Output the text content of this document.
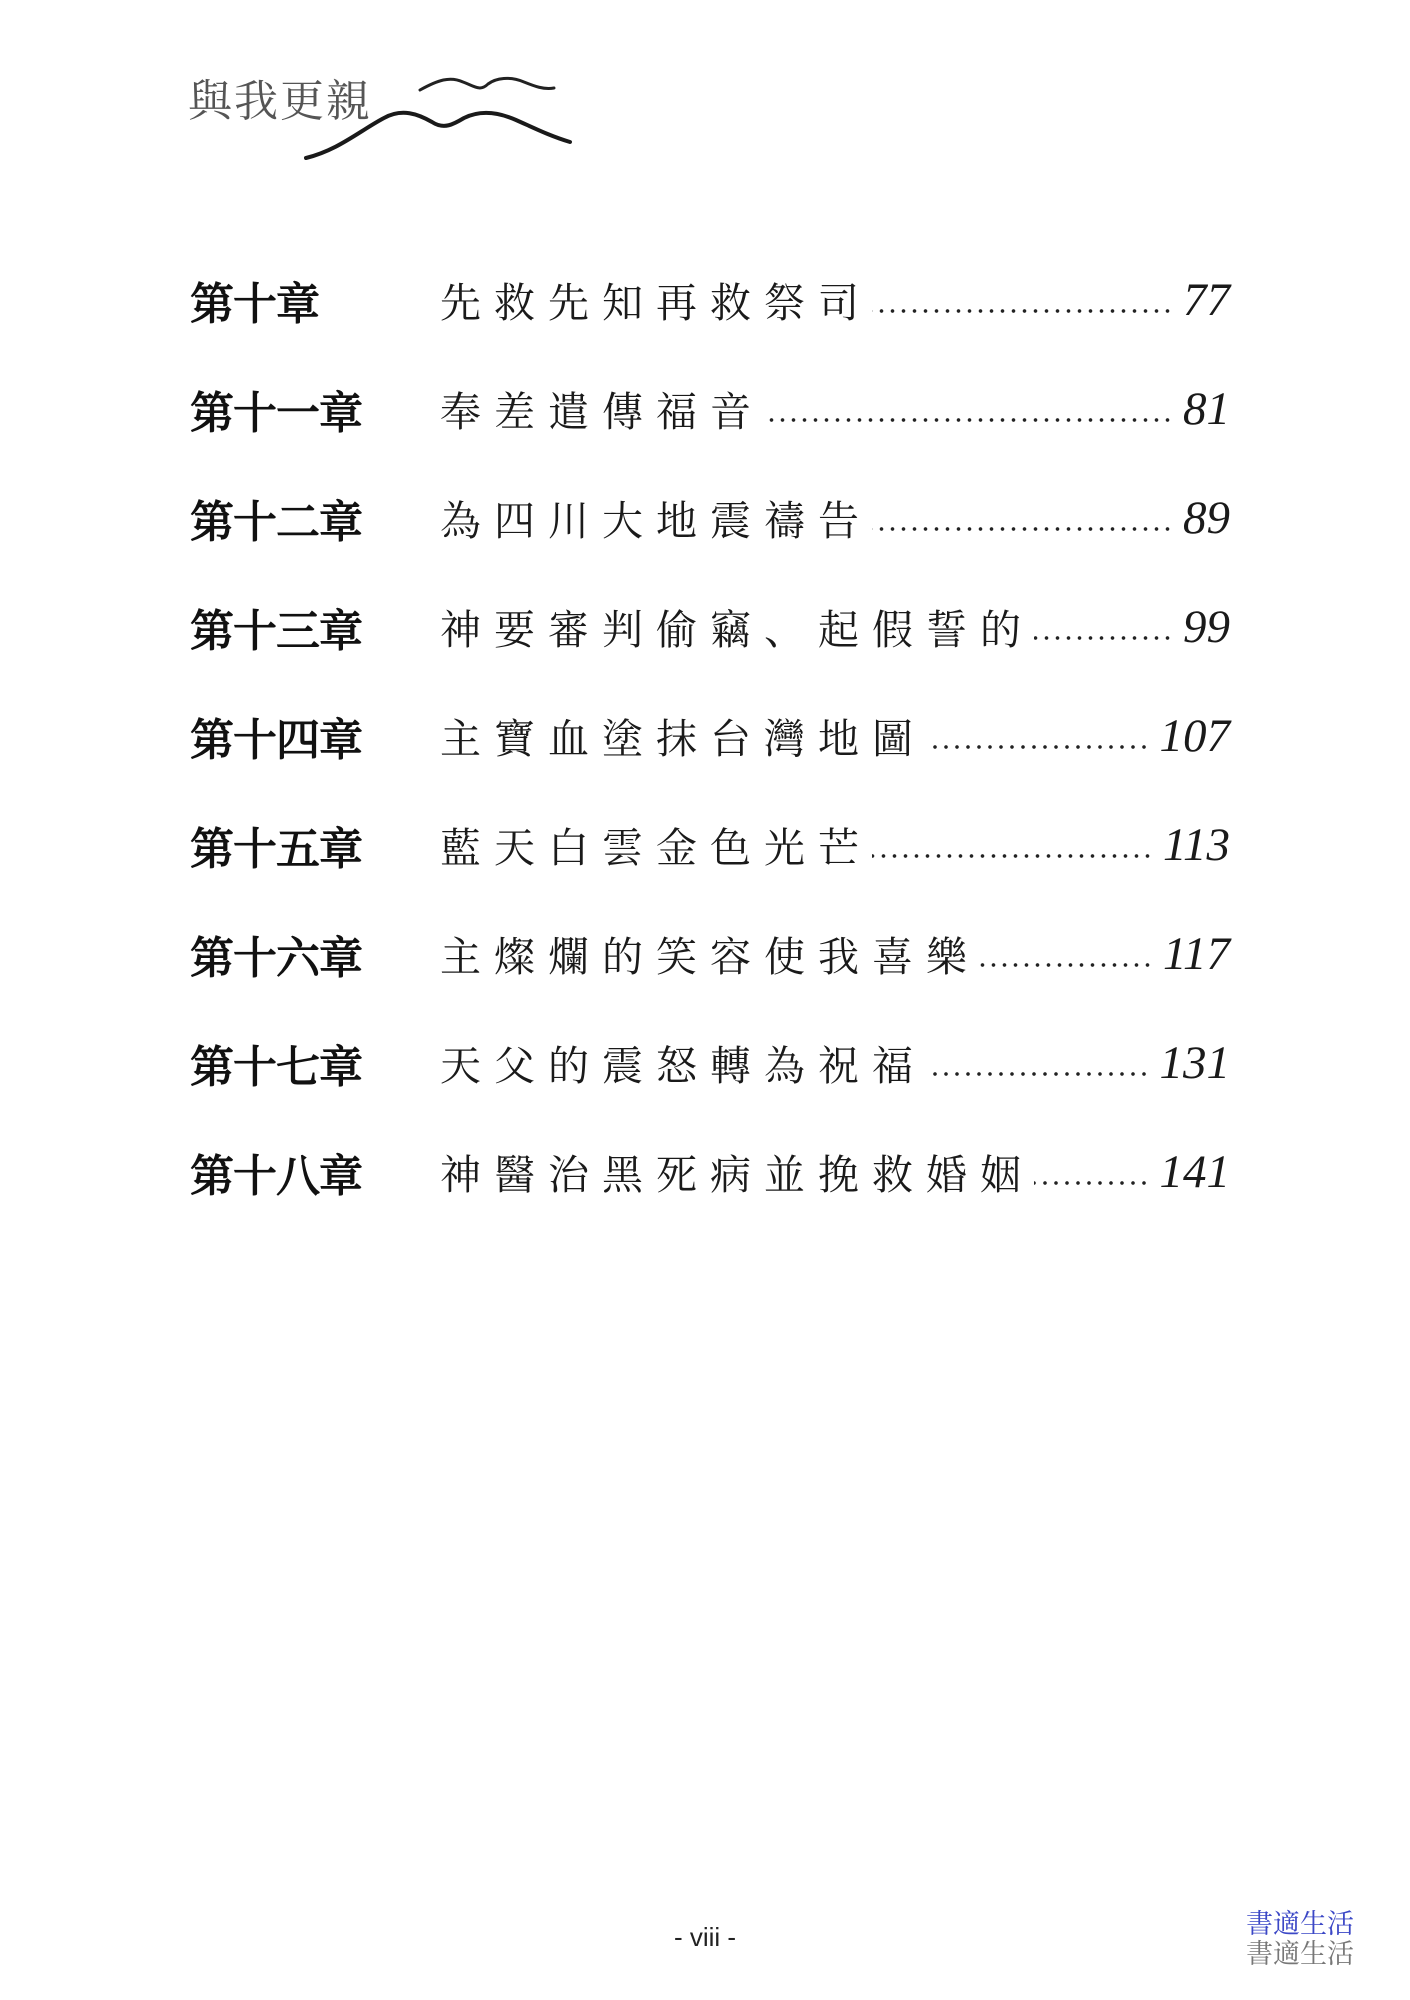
與我更親
第十章	先救先知再救祭司	77
第十一章	奉差遣傳福音	81
第十二章	為四川大地震禱告	89
第十三章	神要審判偷竊、起假誓的	99
第十四章	主寶血塗抹台灣地圖	107
第十五章	藍天白雲金色光芒	113
第十六章	主燦爛的笑容使我喜樂	117
第十七章	天父的震怒轉為祝福	131
第十八章	神醫治黑死病並挽救婚姻	141
- viii -	書適生活
書適生活
